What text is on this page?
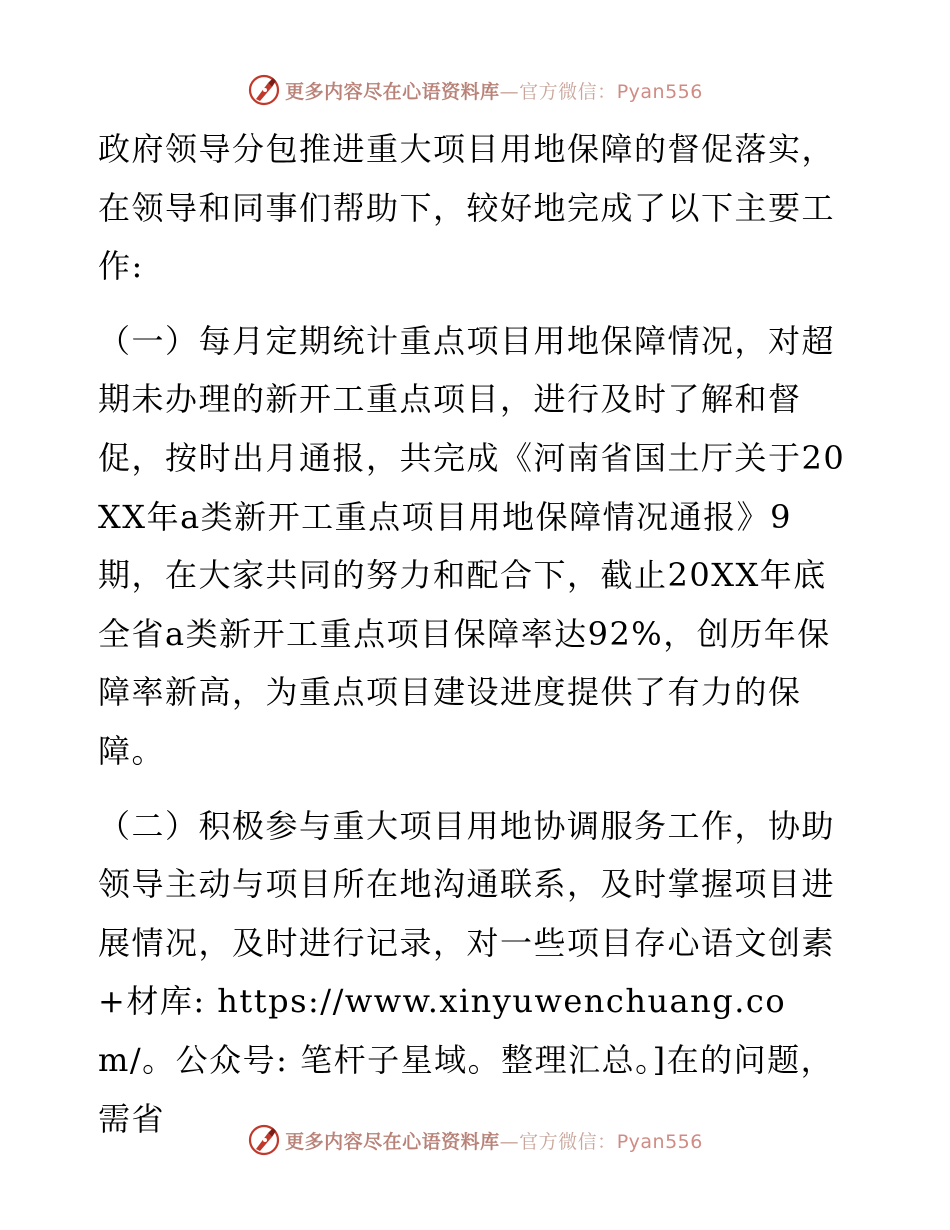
更多内容尽在心语资料库—官方微信：Pyan556

政府领导分包推进重大项目用地保障的督促落实，在领导和同事们帮助下，较好地完成了以下主要工作:

（一）每月定期统计重点项目用地保障情况，对超期未办理的新开工重点项目，进行及时了解和督促，按时出月通报，共完成《河南省国土厅关于20XX年a类新开工重点项目用地保障情况通报》9期，在大家共同的努力和配合下，截止20XX年底全省a类新开工重点项目保障率达92%，创历年保障率新高，为重点项目建设进度提供了有力的保障。

（二）积极参与重大项目用地协调服务工作，协助领导主动与项目所在地沟通联系，及时掌握项目进展情况，及时进行记录，对一些项目存心语文创素+材库: https://www.xinyuwenchuang.com/。公众号: 笔杆子星域。整理汇总。]在的问题，需省

更多内容尽在心语资料库—官方微信：Pyan556
